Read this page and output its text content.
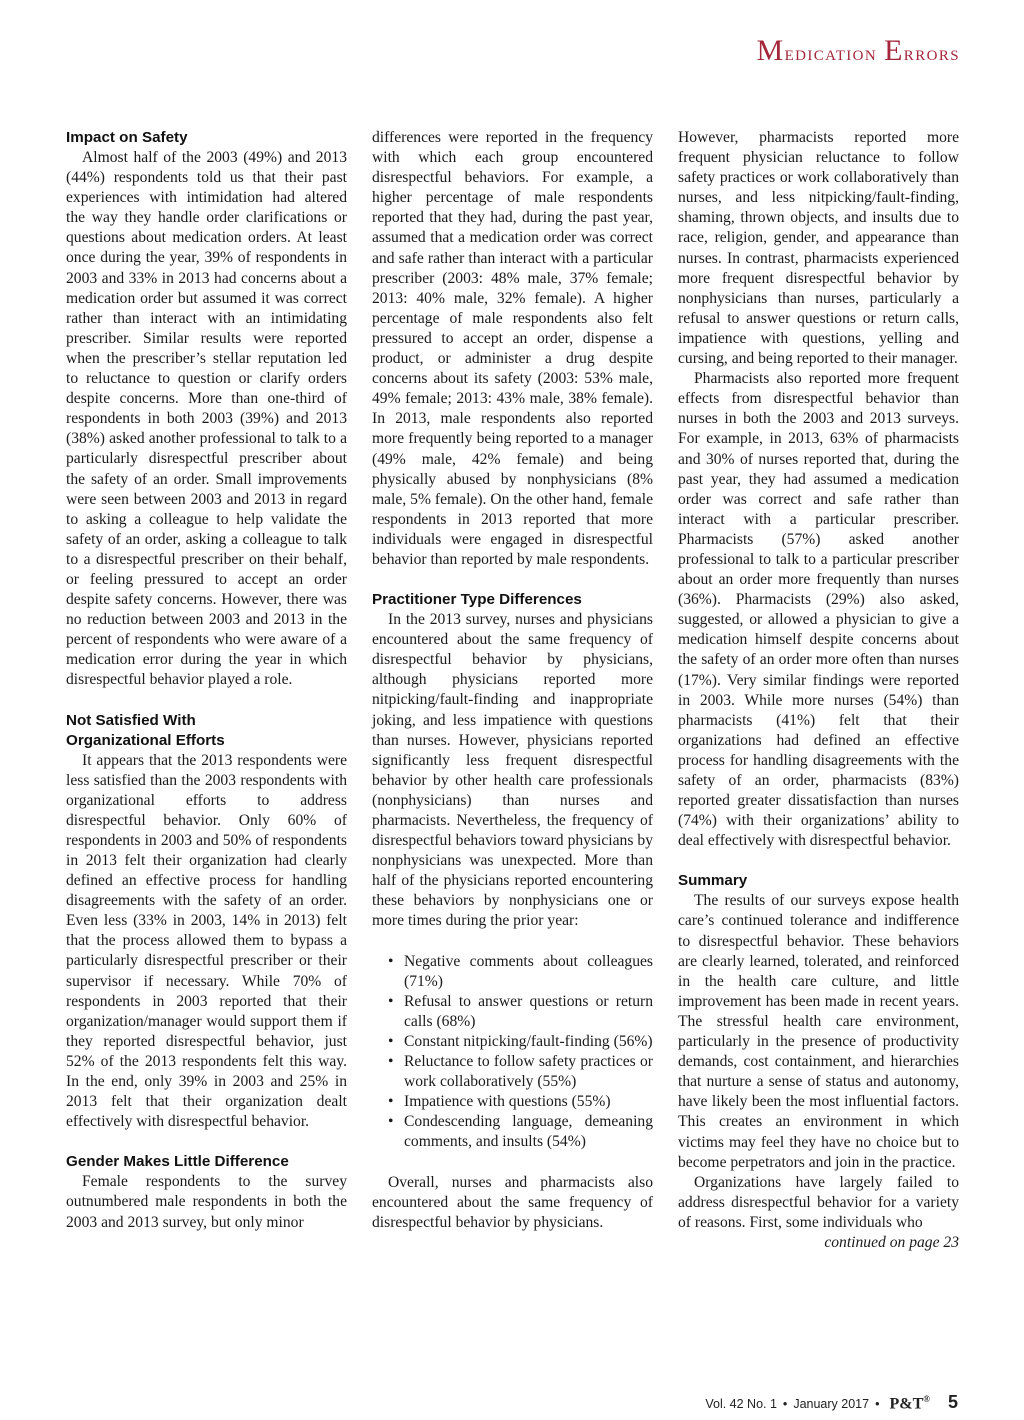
Medication Errors
Impact on Safety

Almost half of the 2003 (49%) and 2013 (44%) respondents told us that their past experiences with intimidation had altered the way they handle order clarifications or questions about medication orders. At least once during the year, 39% of respondents in 2003 and 33% in 2013 had concerns about a medication order but assumed it was correct rather than interact with an intimidating prescriber. Similar results were reported when the prescriber’s stellar reputation led to reluctance to question or clarify orders despite concerns. More than one-third of respondents in both 2003 (39%) and 2013 (38%) asked another professional to talk to a particularly disrespectful prescriber about the safety of an order. Small improvements were seen between 2003 and 2013 in regard to asking a colleague to help validate the safety of an order, asking a colleague to talk to a disrespectful prescriber on their behalf, or feeling pressured to accept an order despite safety concerns. However, there was no reduction between 2003 and 2013 in the percent of respondents who were aware of a medication error during the year in which disrespectful behavior played a role.

Not Satisfied With
Organizational Efforts

It appears that the 2013 respondents were less satisfied than the 2003 respondents with organizational efforts to address disrespectful behavior. Only 60% of respondents in 2003 and 50% of respondents in 2013 felt their organization had clearly defined an effective process for handling disagreements with the safety of an order. Even less (33% in 2003, 14% in 2013) felt that the process allowed them to bypass a particularly disrespectful prescriber or their supervisor if necessary. While 70% of respondents in 2003 reported that their organization/manager would support them if they reported disrespectful behavior, just 52% of the 2013 respondents felt this way. In the end, only 39% in 2003 and 25% in 2013 felt that their organization dealt effectively with disrespectful behavior.

Gender Makes Little Difference

Female respondents to the survey outnumbered male respondents in both the 2003 and 2013 survey, but only minor

differences were reported in the frequency with which each group encountered disrespectful behaviors. For example, a higher percentage of male respondents reported that they had, during the past year, assumed that a medication order was correct and safe rather than interact with a particular prescriber (2003: 48% male, 37% female; 2013: 40% male, 32% female). A higher percentage of male respondents also felt pressured to accept an order, dispense a product, or administer a drug despite concerns about its safety (2003: 53% male, 49% female; 2013: 43% male, 38% female). In 2013, male respondents also reported more frequently being reported to a manager (49% male, 42% female) and being physically abused by nonphysicians (8% male, 5% female). On the other hand, female respondents in 2013 reported that more individuals were engaged in disrespectful behavior than reported by male respondents.

Practitioner Type Differences

In the 2013 survey, nurses and physicians encountered about the same frequency of disrespectful behavior by physicians, although physicians reported more nitpicking/fault-finding and inappropriate joking, and less impatience with questions than nurses. However, physicians reported significantly less frequent disrespectful behavior by other health care professionals (nonphysicians) than nurses and pharmacists. Nevertheless, the frequency of disrespectful behaviors toward physicians by nonphysicians was unexpected. More than half of the physicians reported encountering these behaviors by nonphysicians one or more times during the prior year:

• Negative comments about colleagues (71%)
• Refusal to answer questions or return calls (68%)
• Constant nitpicking/fault-finding (56%)
• Reluctance to follow safety practices or work collaboratively (55%)
• Impatience with questions (55%)
• Condescending language, demeaning comments, and insults (54%)

Overall, nurses and pharmacists also encountered about the same frequency of disrespectful behavior by physicians.

However, pharmacists reported more frequent physician reluctance to follow safety practices or work collaboratively than nurses, and less nitpicking/fault-finding, shaming, thrown objects, and insults due to race, religion, gender, and appearance than nurses. In contrast, pharmacists experienced more frequent disrespectful behavior by nonphysicians than nurses, particularly a refusal to answer questions or return calls, impatience with questions, yelling and cursing, and being reported to their manager.

Pharmacists also reported more frequent effects from disrespectful behavior than nurses in both the 2003 and 2013 surveys. For example, in 2013, 63% of pharmacists and 30% of nurses reported that, during the past year, they had assumed a medication order was correct and safe rather than interact with a particular prescriber. Pharmacists (57%) asked another professional to talk to a particular prescriber about an order more frequently than nurses (36%). Pharmacists (29%) also asked, suggested, or allowed a physician to give a medication himself despite concerns about the safety of an order more often than nurses (17%). Very similar findings were reported in 2003. While more nurses (54%) than pharmacists (41%) felt that their organizations had defined an effective process for handling disagreements with the safety of an order, pharmacists (83%) reported greater dissatisfaction than nurses (74%) with their organizations’ ability to deal effectively with disrespectful behavior.

Summary

The results of our surveys expose health care’s continued tolerance and indifference to disrespectful behavior. These behaviors are clearly learned, tolerated, and reinforced in the health care culture, and little improvement has been made in recent years. The stressful health care environment, particularly in the presence of productivity demands, cost containment, and hierarchies that nurture a sense of status and autonomy, have likely been the most influential factors. This creates an environment in which victims may feel they have no choice but to become perpetrators and join in the practice.

Organizations have largely failed to address disrespectful behavior for a variety of reasons. First, some individuals who

continued on page 23

Vol. 42 No. 1 • January 2017 • P&T® 5
